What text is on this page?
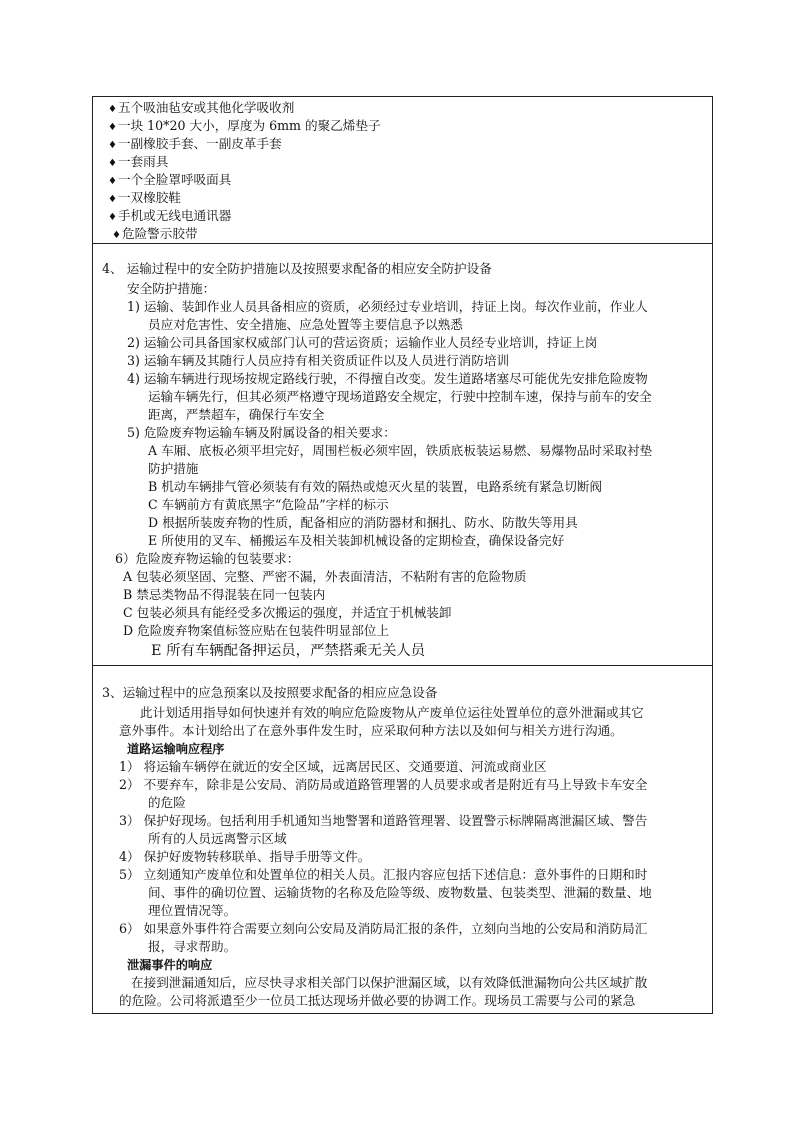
♦ 五个吸油毡安或其他化学吸收剂
♦ 一块 10*20 大小，厚度为 6mm 的聚乙烯垫子
♦ 一副橡胶手套、一副皮革手套
♦ 一套雨具
♦ 一个全脸罩呼吸面具
♦ 一双橡胶鞋
♦ 手机或无线电通讯器
♦ 危险警示胶带
4、 运输过程中的安全防护措施以及按照要求配备的相应安全防护设备
安全防护措施：
1) 运输、装卸作业人员具备相应的资质，必须经过专业培训，持证上岗。每次作业前，作业人
员应对危害性、安全措施、应急处置等主要信息予以熟悉
2) 运输公司具备国家权威部门认可的营运资质；运输作业人员经专业培训，持证上岗
3) 运输车辆及其随行人员应持有相关资质证件以及人员进行消防培训
4) 运输车辆进行现场按规定路线行驶，不得擅自改变。发生道路堵塞尽可能优先安排危险废物
运输车辆先行，但其必须严格遵守现场道路安全规定，行驶中控制车速，保持与前车的安全
距离，严禁超车，确保行车安全
5) 危险废弃物运输车辆及附属设备的相关要求：
A 车厢、底板必须平坦完好，周围栏板必须牢固，铁质底板装运易燃、易爆物品时采取衬垫
防护措施
B 机动车辆排气管必须装有有效的隔热或熄灭火星的装置，电路系统有紧急切断阀
C 车辆前方有黄底黑字“危险品”字样的标示
D 根据所装废弃物的性质，配备相应的消防器材和捆扎、防水、防散失等用具
E 所使用的叉车、桶搬运车及相关装卸机械设备的定期检查，确保设备完好
6）危险废弃物运输的包装要求：
A 包装必须坚固、完整、严密不漏，外表面清洁，不粘附有害的危险物质
B 禁忌类物品不得混装在同一包装内
C 包装必须具有能经受多次搬运的强度，并适宜于机械装卸
D 危险废弃物案值标签应贴在包装件明显部位上
E 所有车辆配备押运员，严禁搭乘无关人员
3、运输过程中的应急预案以及按照要求配备的相应应急设备
此计划适用指导如何快速并有效的响应危险废物从产废单位运往处置单位的意外泄漏或其它
意外事件。本计划给出了在意外事件发生时，应采取何种方法以及如何与相关方进行沟通。
道路运输响应程序
1） 将运输车辆停在就近的安全区域，远离居民区、交通要道、河流或商业区
2） 不要弃车，除非是公安局、消防局或道路管理署的人员要求或者是附近有马上导致卡车安全
的危险
3） 保护好现场。包括利用手机通知当地警署和道路管理署、设置警示标牌隔离泄漏区域、警告
所有的人员远离警示区域
4） 保护好废物转移联单、指导手册等文件。
5） 立刻通知产废单位和处置单位的相关人员。汇报内容应包括下述信息：意外事件的日期和时
间、事件的确切位置、运输货物的名称及危险等级、废物数量、包装类型、泄漏的数量、地
理位置情况等。
6） 如果意外事件符合需要立刻向公安局及消防局汇报的条件，立刻向当地的公安局和消防局汇
报，寻求帮助。
泄漏事件的响应
在接到泄漏通知后，应尽快寻求相关部门以保护泄漏区域，以有效降低泄漏物向公共区域扩散
的危险。公司将派遣至少一位员工抵达现场并做必要的协调工作。现场员工需要与公司的紧急
